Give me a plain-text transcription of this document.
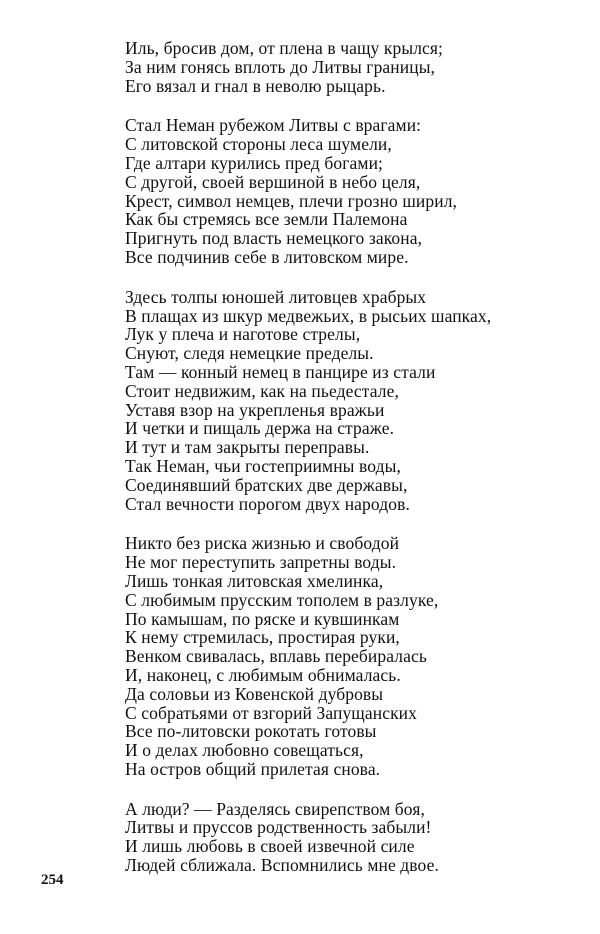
Иль, бросив дом, от плена в чащу крылся;
За ним гонясь вплоть до Литвы границы,
Его вязал и гнал в неволю рыцарь.
Стал Неман рубежом Литвы с врагами:
С литовской стороны леса шумели,
Где алтари курились пред богами;
С другой, своей вершиной в небо целя,
Крест, символ немцев, плечи грозно ширил,
Как бы стремясь все земли Палемона
Пригнуть под власть немецкого закона,
Все подчинив себе в литовском мире.
Здесь толпы юношей литовцев храбрых
В плащах из шкур медвежьих, в рысьих шапках,
Лук у плеча и наготове стрелы,
Снуют, следя немецкие пределы.
Там — конный немец в панцире из стали
Стоит недвижим, как на пьедестале,
Уставя взор на укрепленья вражьи
И четки и пищаль держа на страже.
И тут и там закрыты переправы.
Так Неман, чьи гостеприимны воды,
Соединявший братских две державы,
Стал вечности порогом двух народов.
Никто без риска жизнью и свободой
Не мог переступить запретны воды.
Лишь тонкая литовская хмелинка,
С любимым прусским тополем в разлуке,
По камышам, по ряске и кувшинкам
К нему стремилась, простирая руки,
Венком свивалась, вплавь перебиралась
И, наконец, с любимым обнималась.
Да соловьи из Ковенской дубровы
С собратьями от взгорий Запущанских
Все по-литовски рокотать готовы
И о делах любовно совещаться,
На остров общий прилетая снова.
А люди? — Разделясь свирепством боя,
Литвы и пруссов родственность забыли!
И лишь любовь в своей извечной силе
Людей сближала. Вспомнились мне двое.
254
